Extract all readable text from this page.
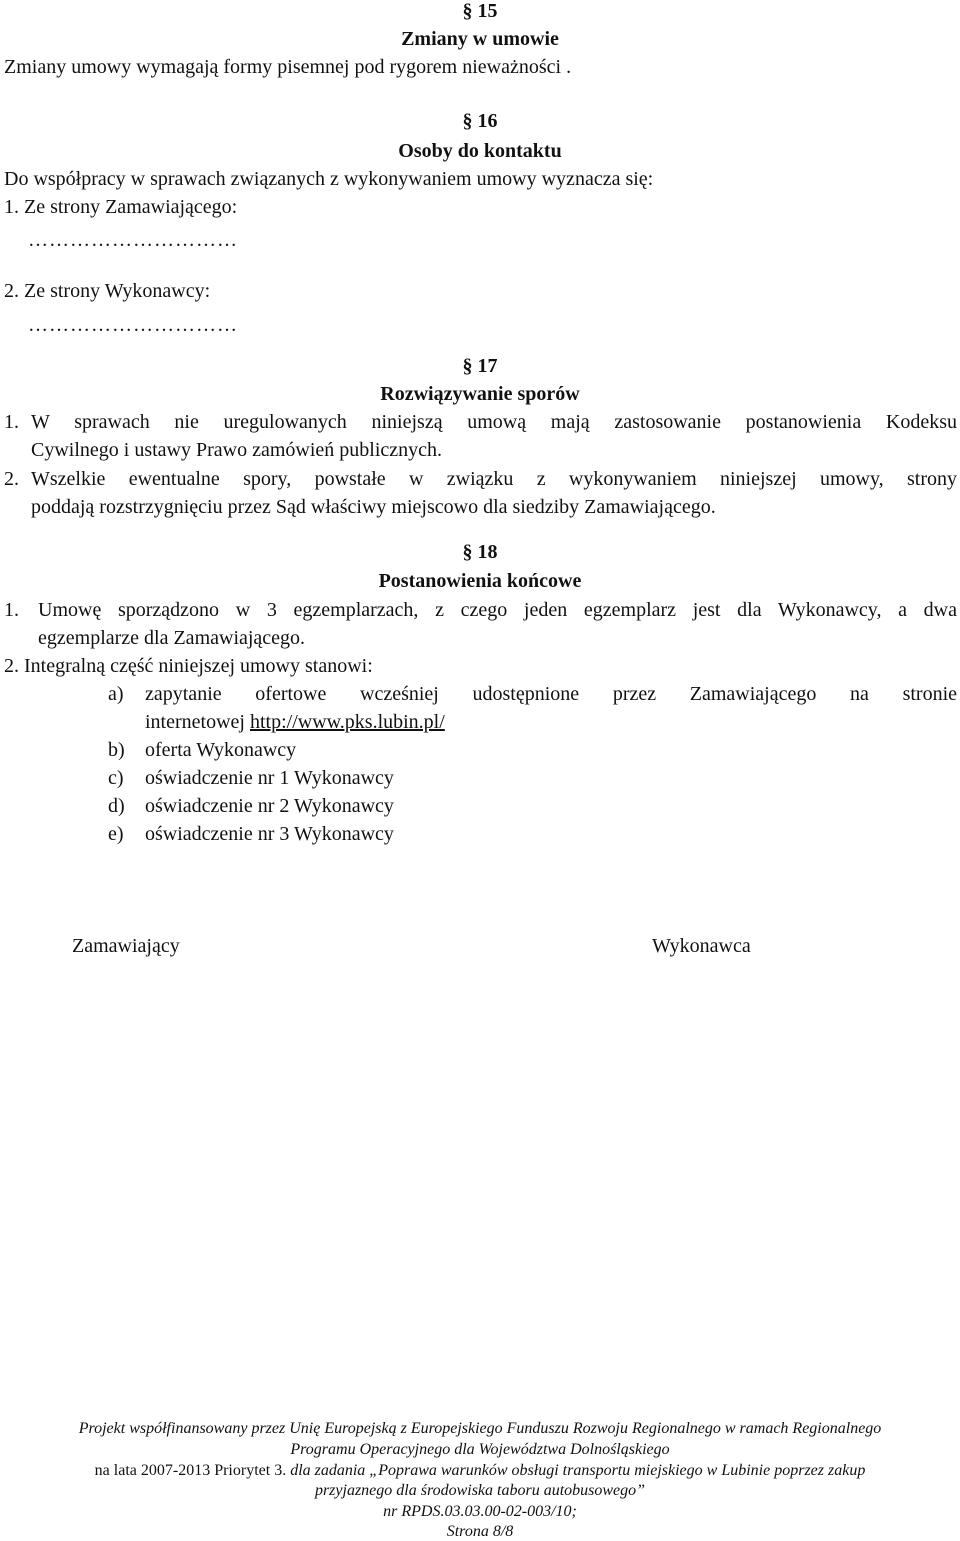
§ 15
Zmiany w umowie
Zmiany umowy wymagają formy pisemnej pod rygorem nieważności .
§ 16
Osoby do kontaktu
Do współpracy w sprawach związanych z wykonywaniem umowy wyznacza się:
1. Ze strony Zamawiającego:
…………………………
2. Ze strony Wykonawcy:
…………………………
§ 17
Rozwiązywanie sporów
1. W sprawach nie uregulowanych niniejszą umową mają zastosowanie postanowienia Kodeksu
Cywilnego i ustawy Prawo zamówień publicznych.
2. Wszelkie ewentualne spory, powstałe w związku z wykonywaniem niniejszej umowy, strony
poddają rozstrzygnięciu przez Sąd właściwy miejscowo dla siedziby Zamawiającego.
§ 18
Postanowienia końcowe
1. Umowę sporządzono w 3 egzemplarzach, z czego jeden egzemplarz jest dla Wykonawcy, a dwa
egzemplarze dla Zamawiającego.
2. Integralną część niniejszej umowy stanowi:
a) zapytanie ofertowe wcześniej udostępnione przez Zamawiającego na stronie
internetowej http://www.pks.lubin.pl/
b) oferta Wykonawcy
c) oświadczenie nr 1 Wykonawcy
d) oświadczenie nr 2 Wykonawcy
e) oświadczenie nr 3 Wykonawcy
Zamawiający	Wykonawca
Projekt współfinansowany przez Unię Europejską z Europejskiego Funduszu Rozwoju Regionalnego w ramach Regionalnego
Programu Operacyjnego dla Województwa Dolnośląskiego
na lata 2007-2013 Priorytet 3. dla zadania „Poprawa warunków obsługi transportu miejskiego w Lubinie poprzez zakup
przyjaznego dla środowiska taboru autobusowego”
nr RPDS.03.03.00-02-003/10;
Strona 8/8
